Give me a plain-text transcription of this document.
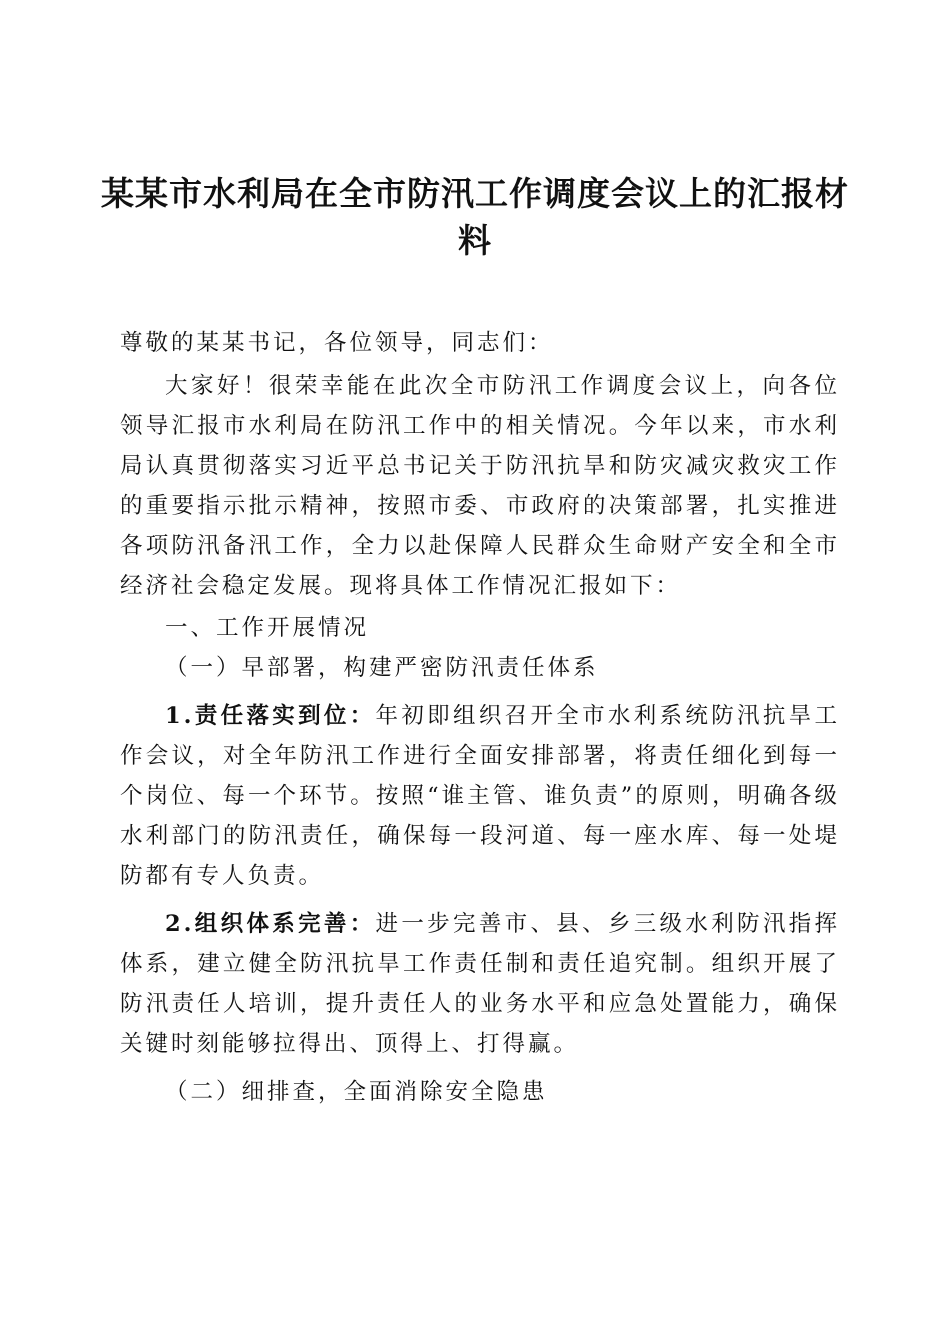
某某市水利局在全市防汛工作调度会议上的汇报材料

尊敬的某某书记，各位领导，同志们：

大家好！很荣幸能在此次全市防汛工作调度会议上，向各位领导汇报市水利局在防汛工作中的相关情况。今年以来，市水利局认真贯彻落实习近平总书记关于防汛抗旱和防灾减灾救灾工作的重要指示批示精神，按照市委、市政府的决策部署，扎实推进各项防汛备汛工作，全力以赴保障人民群众生命财产安全和全市经济社会稳定发展。现将具体工作情况汇报如下：

一、工作开展情况

（一）早部署，构建严密防汛责任体系

1.责任落实到位：年初即组织召开全市水利系统防汛抗旱工作会议，对全年防汛工作进行全面安排部署，将责任细化到每一个岗位、每一个环节。按照“谁主管、谁负责”的原则，明确各级水利部门的防汛责任，确保每一段河道、每一座水库、每一处堤防都有专人负责。

2.组织体系完善：进一步完善市、县、乡三级水利防汛指挥体系，建立健全防汛抗旱工作责任制和责任追究制。组织开展了防汛责任人培训，提升责任人的业务水平和应急处置能力，确保关键时刻能够拉得出、顶得上、打得赢。

（二）细排查，全面消除安全隐患
